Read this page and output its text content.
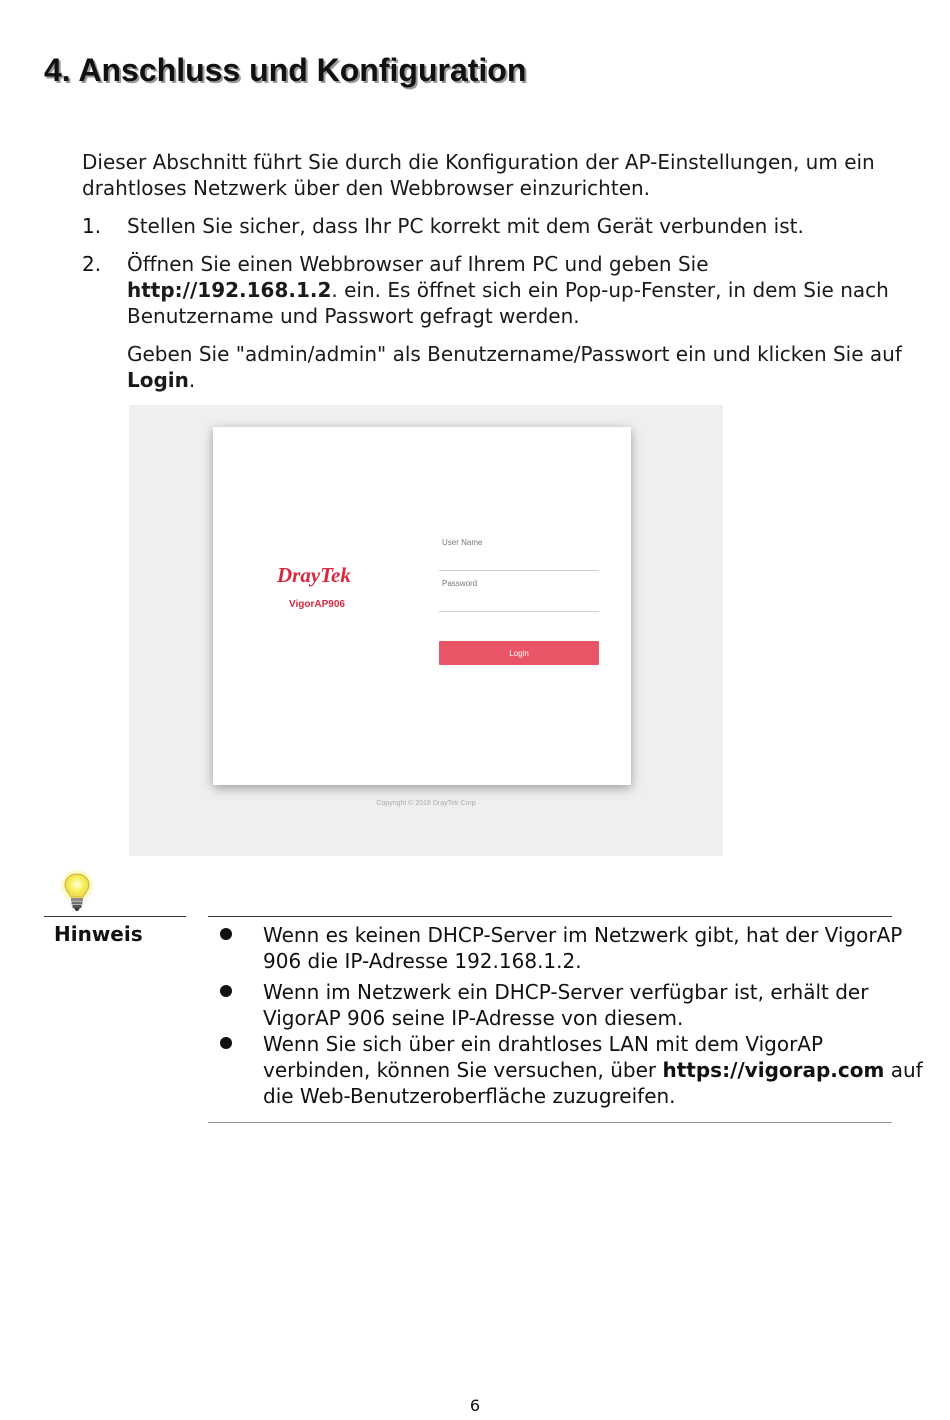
4. Anschluss und Konfiguration

Dieser Abschnitt führt Sie durch die Konfiguration der AP-Einstellungen, um ein drahtloses Netzwerk über den Webbrowser einzurichten.

1. Stellen Sie sicher, dass Ihr PC korrekt mit dem Gerät verbunden ist.

2. Öffnen Sie einen Webbrowser auf Ihrem PC und geben Sie
http://192.168.1.2. ein. Es öffnet sich ein Pop-up-Fenster, in dem Sie nach Benutzername und Passwort gefragt werden.

Geben Sie "admin/admin" als Benutzername/Passwort ein und klicken Sie auf Login.

DrayTek
VigorAP906
User Name
Password
Login
Copyright © 2018 DrayTek Corp
Hinweis	Wenn es keinen DHCP-Server im Netzwerk gibt, hat der VigorAP 906 die IP-Adresse 192.168.1.2.
Wenn im Netzwerk ein DHCP-Server verfügbar ist, erhält der VigorAP 906 seine IP-Adresse von diesem.
Wenn Sie sich über ein drahtloses LAN mit dem VigorAP verbinden, können Sie versuchen, über https://vigorap.com auf die Web-Benutzeroberfläche zuzugreifen.
6
